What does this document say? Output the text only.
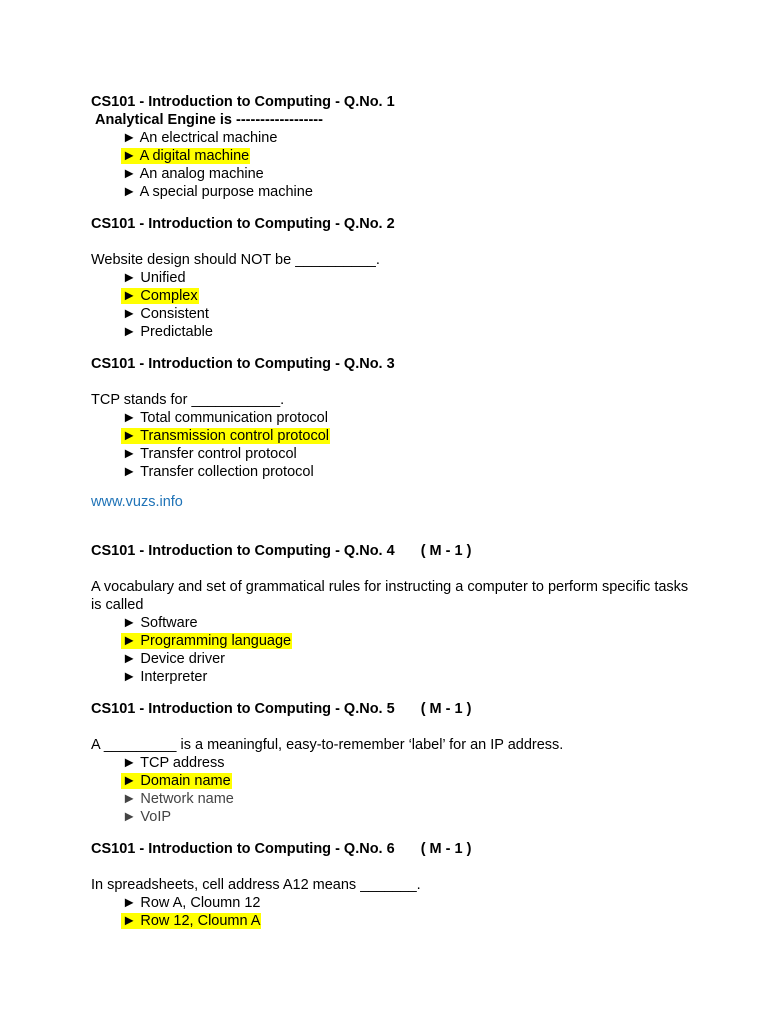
CS101 - Introduction to Computing - Q.No. 1
Analytical Engine is ------------------
► An electrical machine
► A digital machine
► An analog machine
► A special purpose machine
CS101 - Introduction to Computing - Q.No. 2
Website design should NOT be __________.
► Unified
► Complex
► Consistent
► Predictable
CS101 - Introduction to Computing - Q.No. 3
TCP stands for ___________.
► Total communication protocol
► Transmission control protocol
► Transfer control protocol
► Transfer collection protocol
www.vuzs.info
CS101 - Introduction to Computing - Q.No. 4 ( M - 1 )
A vocabulary and set of grammatical rules for instructing a computer to perform specific tasks is called
► Software
► Programming language
► Device driver
► Interpreter
CS101 - Introduction to Computing - Q.No. 5 ( M - 1 )
A _________ is a meaningful, easy-to-remember ‘label’ for an IP address.
► TCP address
► Domain name
► Network name
► VoIP
CS101 - Introduction to Computing - Q.No. 6 ( M - 1 )
In spreadsheets, cell address A12 means _______.
► Row A, Cloumn 12
► Row 12, Cloumn A
